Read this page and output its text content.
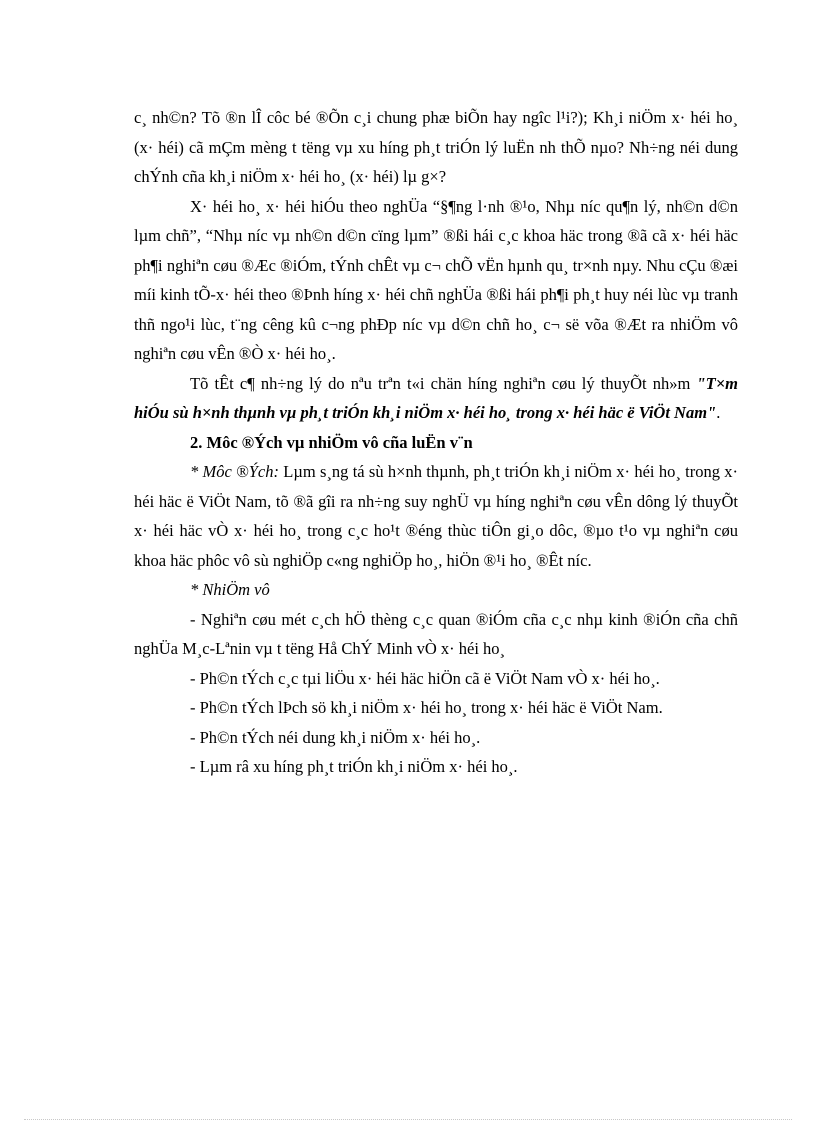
c¸ nh©n? Tõ ®n lÎ côc bé ®Õn c¸i chung phæ biÕn hay ngîc l¹i?); Kh¸i niÖm x· héi ho¸ (x· héi) cã mÇm mèng t tëng vµ xu híng ph¸t triÓn lý luËn nh thÕ nµo? Nh÷ng néi dung chÝnh cña kh¸i niÖm x· héi ho¸ (x· héi) lµ g×?

X· héi ho¸ x· héi hiÓu theo nghÜa “§¶ng l·nh ®¹o, Nhµ níc qu¶n lý, nh©n d©n lµm chñ”, “Nhµ níc vµ nh©n d©n cïng lµm” ®ßi hái c¸c khoa häc trong ®ã cã x· héi häc ph¶i nghiªn cøu ®Æc ®iÓm, tÝnh chÊt vµ c¬ chÕ vËn hµnh qu¸ tr×nh nµy. Nhu cÇu ®æi míi kinh tÕ-x· héi theo ®Þnh híng x· héi chñ nghÜa ®ßi hái ph¶i ph¸t huy néi lùc vµ tranh thñ ngo¹i lùc, t¨ng cêng kû c¬ng phÐp níc vµ d©n chñ ho¸ c¬ së võa ®Æt ra nhiÖm vô nghiªn cøu vÊn ®Ò x· héi ho¸.

Tõ tÊt c¶ nh÷ng lý do nªu trªn t«i chän híng nghiªn cøu lý thuyÕt nh»m "T×m hiÓu sù h×nh thµnh vµ ph¸t triÓn kh¸i niÖm x· héi ho¸ trong x· héi häc ë ViÖt Nam".

2. Môc ®Ých vµ nhiÖm vô cña luËn v¨n

* Môc ®Ých: Lµm s¸ng tá sù h×nh thµnh, ph¸t triÓn kh¸i niÖm x· héi ho¸ trong x· héi häc ë ViÖt Nam, tõ ®ã gîi ra nh÷ng suy nghÜ vµ híng nghiªn cøu vÊn dông lý thuyÕt x· héi häc vÒ x· héi ho¸ trong c¸c ho¹t ®éng thùc tiÔn gi¸o dôc, ®µo t¹o vµ nghiªn cøu khoa häc phôc vô sù nghiÖp c«ng nghiÖp ho¸, hiÖn ®¹i ho¸ ®Êt níc.

* NhiÖm vô

- Nghiªn cøu mét c¸ch hÖ thèng c¸c quan ®iÓm cña c¸c nhµ kinh ®iÓn cña chñ nghÜa M¸c-Lªnin vµ t tëng Hå ChÝ Minh vÒ x· héi ho¸

- Ph©n tÝch c¸c tµi liÖu x· héi häc hiÖn cã ë ViÖt Nam vÒ x· héi ho¸.

- Ph©n tÝch lÞch sö kh¸i niÖm x· héi ho¸ trong x· héi häc ë ViÖt Nam.

- Ph©n tÝch néi dung kh¸i niÖm x· héi ho¸.

- Lµm râ xu híng ph¸t triÓn kh¸i niÖm x· héi ho¸.
